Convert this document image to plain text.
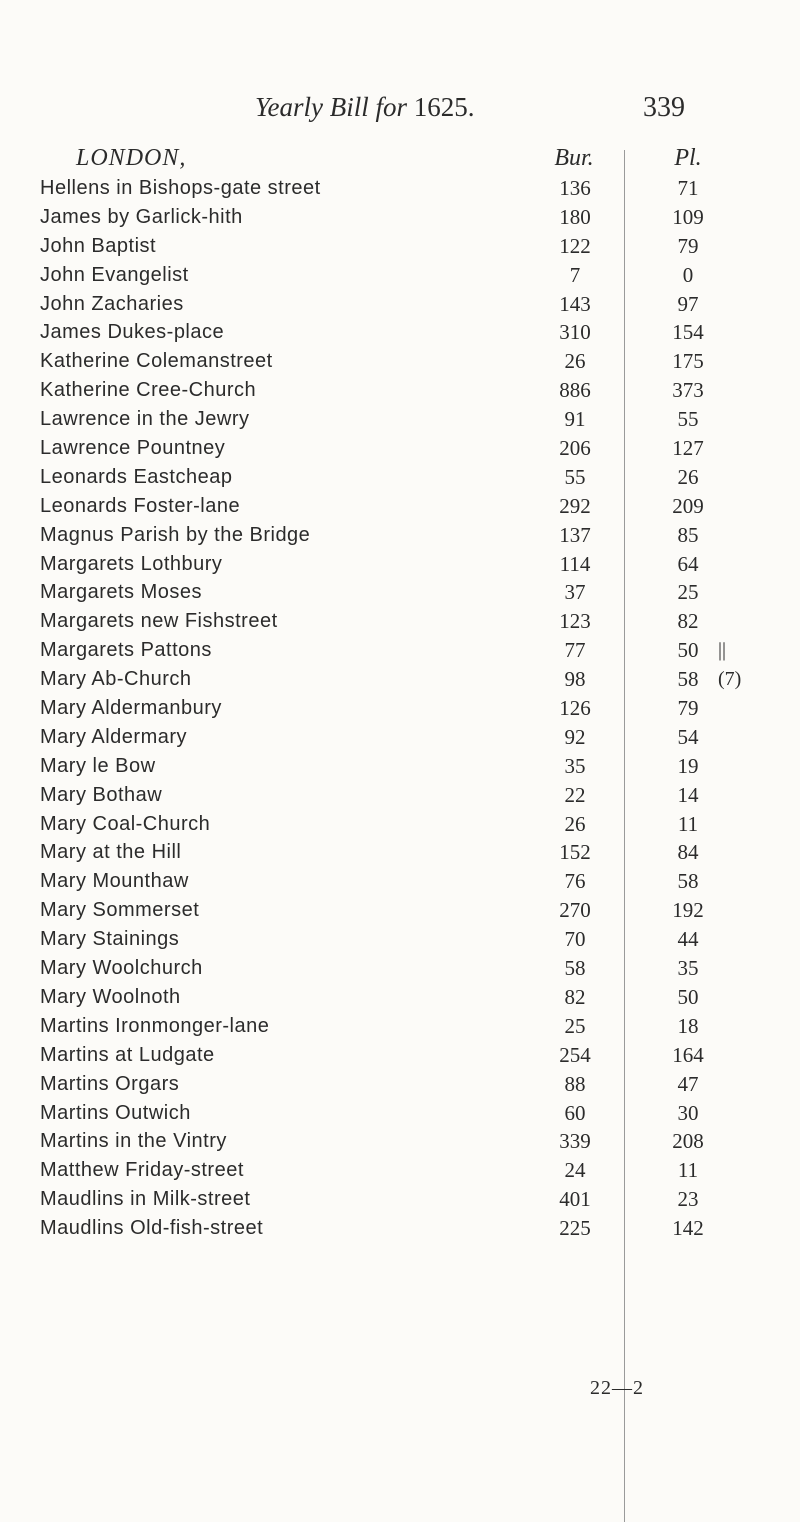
Yearly Bill for 1625.	339
LONDON,	Bur.	Pl.
Hellens in Bishops-gate street	136	71
James by Garlick-hith	180	109
John Baptist	122	79
John Evangelist	7	0
John Zacharies	143	97
James Dukes-place	310	154
Katherine Colemanstreet	26	175
Katherine Cree-Church	886	373
Lawrence in the Jewry	91	55
Lawrence Pountney	206	127
Leonards Eastcheap	55	26
Leonards Foster-lane	292	209
Magnus Parish by the Bridge	137	85
Margarets Lothbury	114	64
Margarets Moses	37	25
Margarets new Fishstreet	123	82
Margarets Pattons	77	50 ||
Mary Ab-Church	98	58 (7)
Mary Aldermanbury	126	79
Mary Aldermary	92	54
Mary le Bow	35	19
Mary Bothaw	22	14
Mary Coal-Church	26	11
Mary at the Hill	152	84
Mary Mounthaw	76	58
Mary Sommerset	270	192
Mary Stainings	70	44
Mary Woolchurch	58	35
Mary Woolnoth	82	50
Martins Ironmonger-lane	25	18
Martins at Ludgate	254	164
Martins Orgars	88	47
Martins Outwich	60	30
Martins in the Vintry	339	208
Matthew Friday-street	24	11
Maudlins in Milk-street	401	23
Maudlins Old-fish-street	225	142
22—2
